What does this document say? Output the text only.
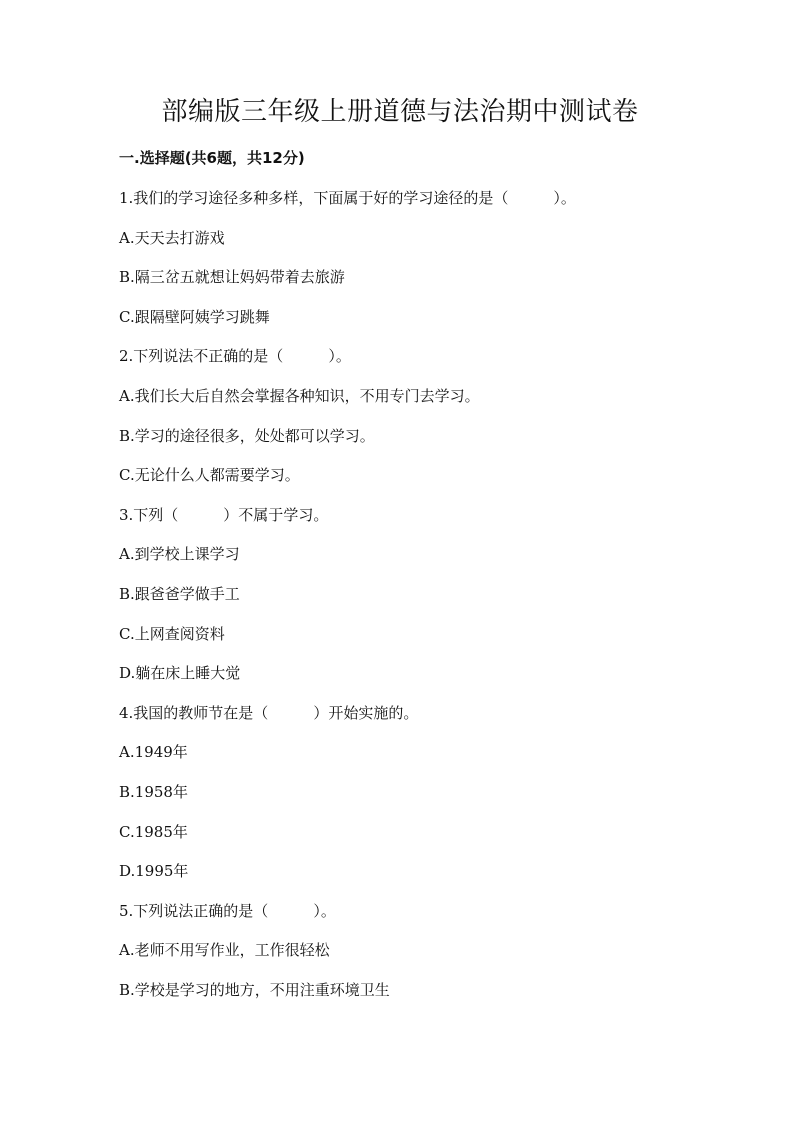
部编版三年级上册道德与法治期中测试卷
一.选择题(共6题，共12分)
1.我们的学习途径多种多样，下面属于好的学习途径的是（　　　）。
A.天天去打游戏
B.隔三岔五就想让妈妈带着去旅游
C.跟隔壁阿姨学习跳舞
2.下列说法不正确的是（　　　）。
A.我们长大后自然会掌握各种知识，不用专门去学习。
B.学习的途径很多，处处都可以学习。
C.无论什么人都需要学习。
3.下列（　　　）不属于学习。
A.到学校上课学习
B.跟爸爸学做手工
C.上网查阅资料
D.躺在床上睡大觉
4.我国的教师节在是（　　　）开始实施的。
A.1949年
B.1958年
C.1985年
D.1995年
5.下列说法正确的是（　　　）。
A.老师不用写作业，工作很轻松
B.学校是学习的地方，不用注重环境卫生
